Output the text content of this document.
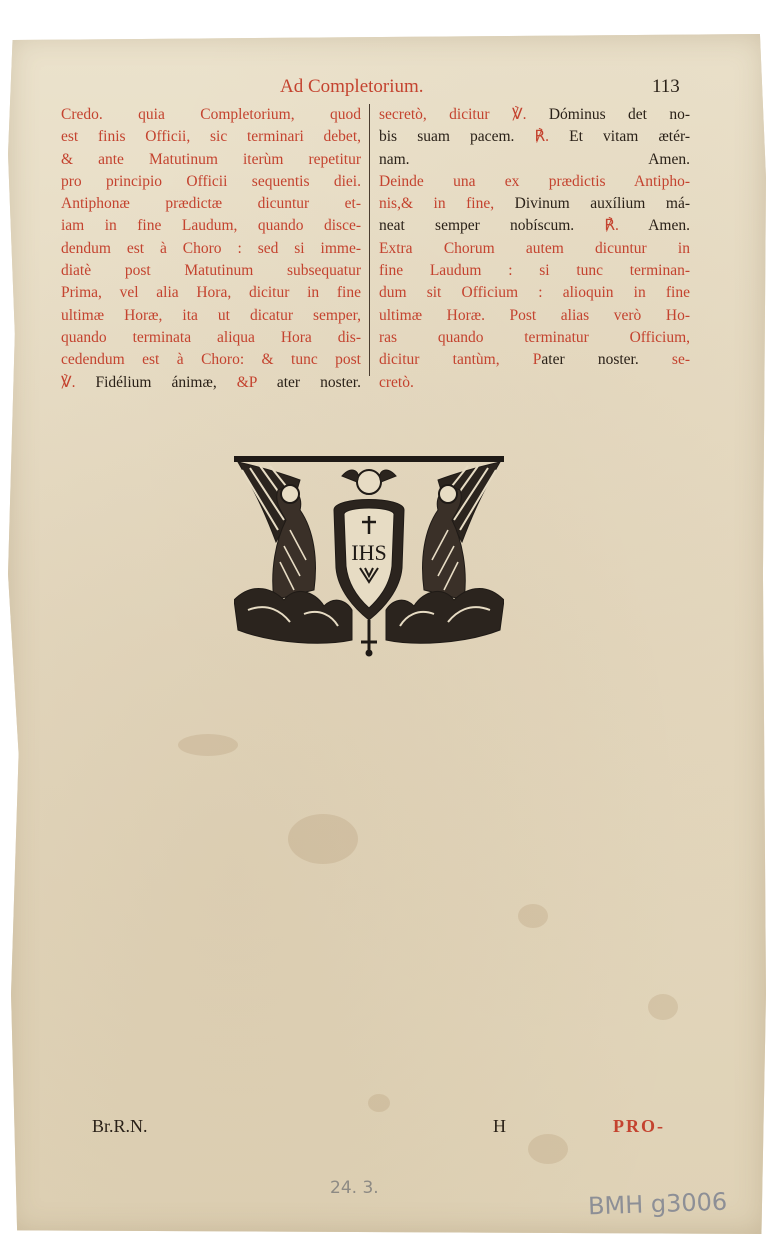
Ad Completorium.	113
Credo. quia Completorium, quod
est finis Officii, sic terminari debet,
& ante Matutinum iterùm repetitur
pro principio Officii sequentis diei.
Antiphonæ prædictæ dicuntur et-
iam in fine Laudum, quando disce-
dendum est à Choro : sed si imme-
diatè post Matutinum subsequatur
Prima, vel alia Hora, dicitur in fine
ultimæ Horæ, ita ut dicatur semper,
quando terminata aliqua Hora dis-
cedendum est à Choro: & tunc post
℣. Fidélium ánimæ, &P ater noster.
secretò, dicitur ℣. Dóminus det no-
bis suam pacem. ℟. Et vitam ætér-
nam. Amen.
Deinde una ex prædictis Antipho-
nis,& in fine, Divinum auxílium má-
neat semper nobíscum. ℟. Amen.
Extra Chorum autem dicuntur in
fine Laudum : si tunc terminan-
dum sit Officium : alioquin in fine
ultimæ Horæ. Post alias verò Ho-
ras quando terminatur Officium,
dicitur tantùm, Pater noster. se-
cretò.
IHS
Br.R.N.	H	PRO-
24. 3.	BMH g3006
